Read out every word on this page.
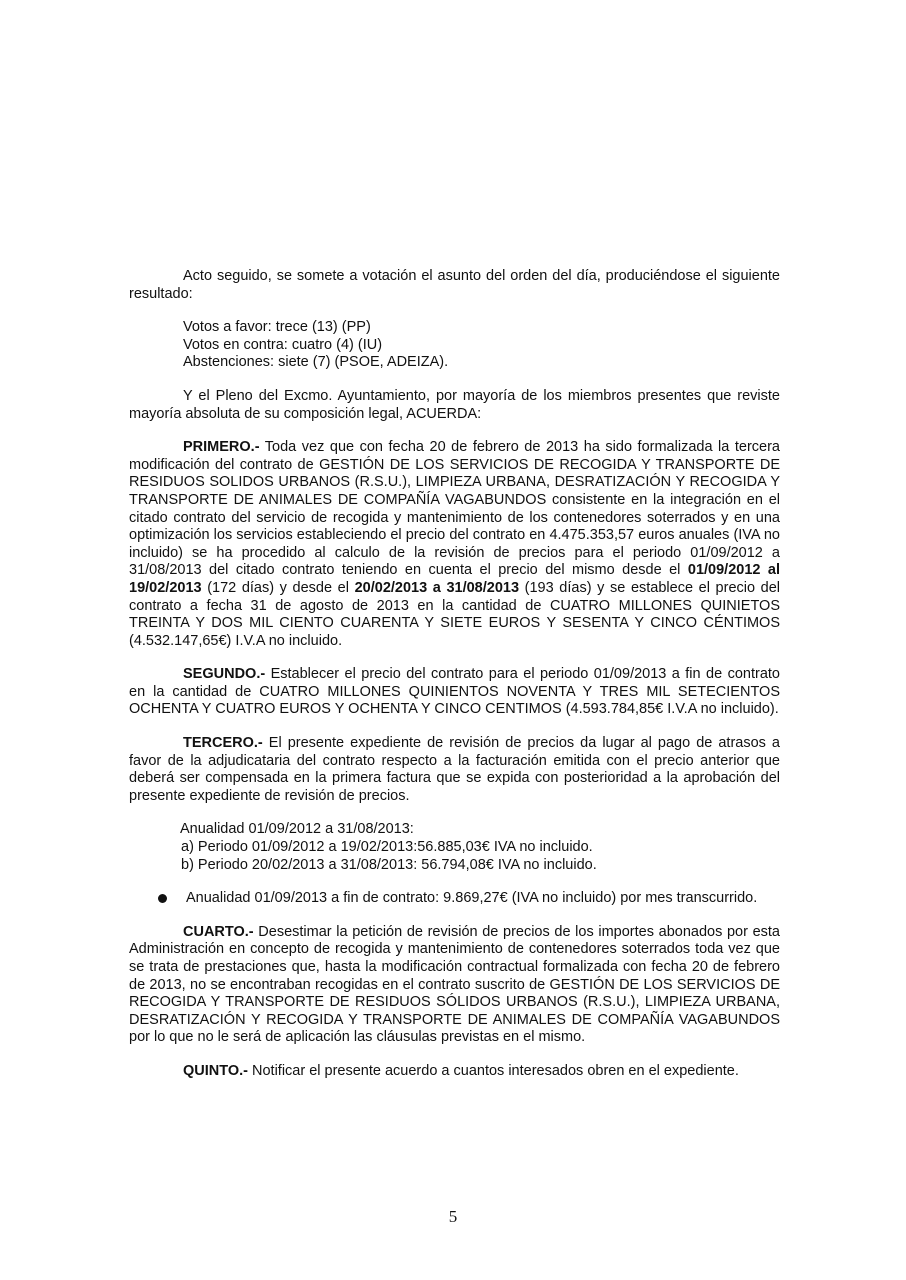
Acto seguido, se somete a votación el asunto del orden del día, produciéndose el siguiente resultado:

Votos a favor: trece (13) (PP)
Votos en contra: cuatro (4) (IU)
Abstenciones: siete (7) (PSOE, ADEIZA).

Y el Pleno del Excmo. Ayuntamiento, por mayoría de los miembros presentes que reviste mayoría absoluta de su composición legal, ACUERDA:

PRIMERO.- Toda vez que con fecha 20 de febrero de 2013 ha sido formalizada la tercera modificación del contrato de GESTIÓN DE LOS SERVICIOS DE RECOGIDA Y TRANSPORTE DE RESIDUOS SOLIDOS URBANOS (R.S.U.), LIMPIEZA URBANA, DESRATIZACIÓN Y RECOGIDA Y TRANSPORTE DE ANIMALES DE COMPAÑÍA VAGABUNDOS consistente en la integración en el citado contrato del servicio de recogida y mantenimiento de los contenedores soterrados y en una optimización los servicios estableciendo el precio del contrato en 4.475.353,57 euros anuales (IVA no incluido) se ha procedido al calculo de la revisión de precios para el periodo 01/09/2012 a 31/08/2013 del citado contrato teniendo en cuenta el precio del mismo desde el 01/09/2012 al 19/02/2013 (172 días) y desde el 20/02/2013 a 31/08/2013 (193 días) y se establece el precio del contrato a fecha 31 de agosto de 2013 en la cantidad de CUATRO MILLONES QUINIETOS TREINTA Y DOS MIL CIENTO CUARENTA Y SIETE EUROS Y SESENTA Y CINCO CÉNTIMOS (4.532.147,65€) I.V.A no incluido.

SEGUNDO.- Establecer el precio del contrato para el periodo 01/09/2013 a fin de contrato en la cantidad de CUATRO MILLONES QUINIENTOS NOVENTA Y TRES MIL SETECIENTOS OCHENTA Y CUATRO EUROS Y OCHENTA Y CINCO CENTIMOS (4.593.784,85€ I.V.A no incluido).

TERCERO.- El presente expediente de revisión de precios da lugar al pago de atrasos a favor de la adjudicataria del contrato respecto a la facturación emitida con el precio anterior que deberá ser compensada en la primera factura que se expida con posterioridad a la aprobación del presente expediente de revisión de precios.

Anualidad 01/09/2012 a 31/08/2013:
a) Periodo 01/09/2012 a 19/02/2013:56.885,03€ IVA no incluido.
b) Periodo 20/02/2013 a 31/08/2013: 56.794,08€ IVA no incluido.
Anualidad 01/09/2013 a fin de contrato: 9.869,27€ (IVA no incluido) por mes transcurrido.

CUARTO.- Desestimar la petición de revisión de precios de los importes abonados por esta Administración en concepto de recogida y mantenimiento de contenedores soterrados toda vez que se trata de prestaciones que, hasta la modificación contractual formalizada con fecha 20 de febrero de 2013, no se encontraban recogidas en el contrato suscrito de GESTIÓN DE LOS SERVICIOS DE RECOGIDA Y TRANSPORTE DE RESIDUOS SÓLIDOS URBANOS (R.S.U.), LIMPIEZA URBANA, DESRATIZACIÓN Y RECOGIDA Y TRANSPORTE DE ANIMALES DE COMPAÑÍA VAGABUNDOS por lo que no le será de aplicación las cláusulas previstas en el mismo.

QUINTO.- Notificar el presente acuerdo a cuantos interesados obren en el expediente.

5
